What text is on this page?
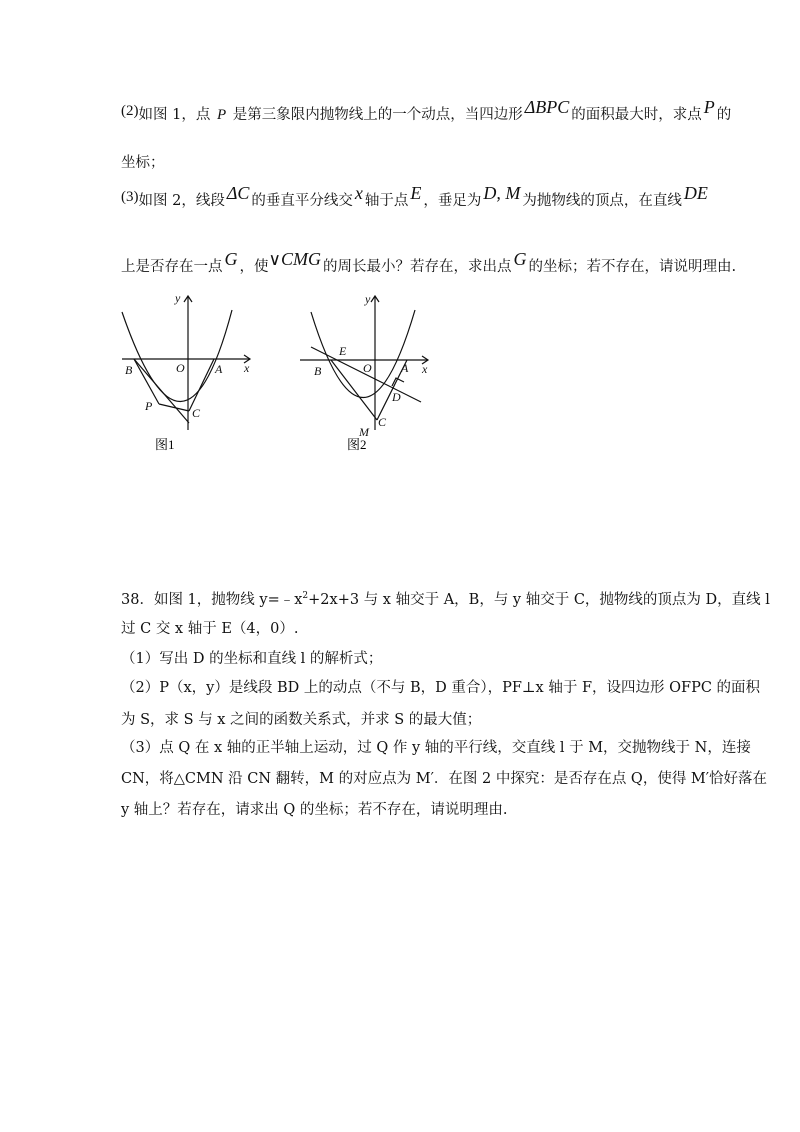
(2)如图 1，点 P 是第三象限内抛物线上的一个动点，当四边形 ΔBPC 的面积最大时，求点 P 的
坐标；
(3)如图 2，线段 ΔC 的垂直平分线交 x 轴于点 E ，垂足为 D, M 为抛物线的顶点，在直线 DE
上是否存在一点 G ，使∨CMG 的周长最小？若存在，求出点 G 的坐标；若不存在，请说明理由.
y
x
B	O	A
P	C
图1
y
x
E
B	O A
D
C
M
图2
38．如图 1，抛物线 $y=﹣x^2+2x+3$ 与 x 轴交于 A，B，与 y 轴交于 C，抛物线的顶点为 D，直线 l
过 C 交 x 轴于 E（4，0）.
（1）写出 D 的坐标和直线 l 的解析式；
（2）P（x，y）是线段 BD 上的动点（不与 B，D 重合），PF⊥x 轴于 F，设四边形 OFPC 的面积
为 S，求 S 与 x 之间的函数关系式，并求 S 的最大值；
（3）点 Q 在 x 轴的正半轴上运动，过 Q 作 y 轴的平行线，交直线 l 于 M，交抛物线于 N，连接
CN，将△CMN 沿 CN 翻转，M 的对应点为 M′．在图 2 中探究：是否存在点 Q，使得 M′恰好落在
y 轴上？若存在，请求出 Q 的坐标；若不存在，请说明理由.
